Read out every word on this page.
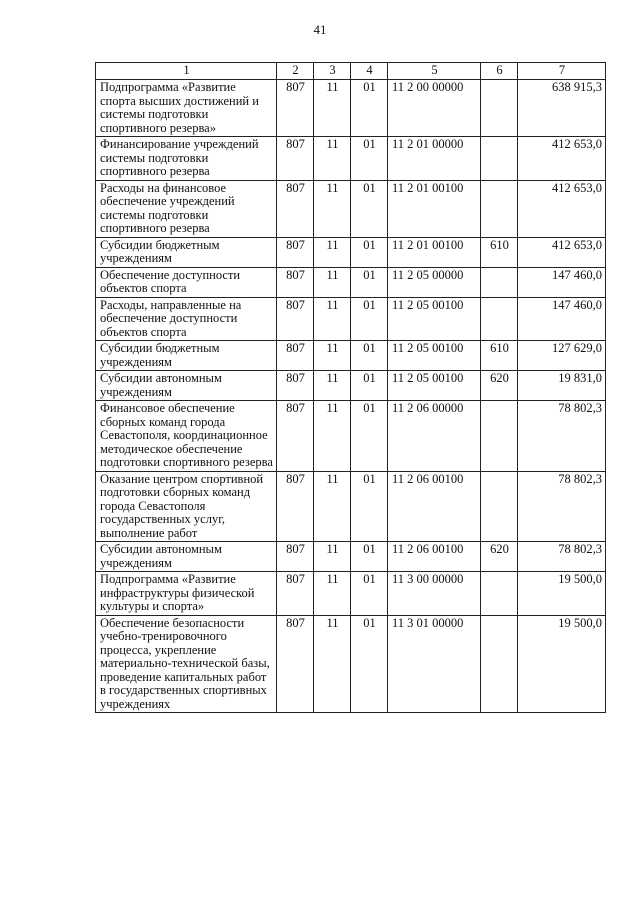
41
1	2	3	4	5	6	7
Подпрограмма «Развитие спорта высших достижений и системы подготовки спортивного резерва»	807	11	01	11 2 00 00000		638 915,3
Финансирование учреждений системы подготовки спортивного резерва	807	11	01	11 2 01 00000		412 653,0
Расходы на финансовое обеспечение учреждений системы подготовки спортивного резерва	807	11	01	11 2 01 00100		412 653,0
Субсидии бюджетным учреждениям	807	11	01	11 2 01 00100	610	412 653,0
Обеспечение доступности объектов спорта	807	11	01	11 2 05 00000		147 460,0
Расходы, направленные на обеспечение доступности объектов спорта	807	11	01	11 2 05 00100		147 460,0
Субсидии бюджетным учреждениям	807	11	01	11 2 05 00100	610	127 629,0
Субсидии автономным учреждениям	807	11	01	11 2 05 00100	620	19 831,0
Финансовое обеспечение сборных команд города Севастополя, координационное методическое обеспечение подготовки спортивного резерва	807	11	01	11 2 06 00000		78 802,3
Оказание центром спортивной подготовки сборных команд города Севастополя государственных услуг, выполнение работ	807	11	01	11 2 06 00100		78 802,3
Субсидии автономным учреждениям	807	11	01	11 2 06 00100	620	78 802,3
Подпрограмма «Развитие инфраструктуры физической культуры и спорта»	807	11	01	11 3 00 00000		19 500,0
Обеспечение безопасности учебно-тренировочного процесса, укрепление материально-технической базы, проведение капитальных работ в государственных спортивных учреждениях	807	11	01	11 3 01 00000		19 500,0
